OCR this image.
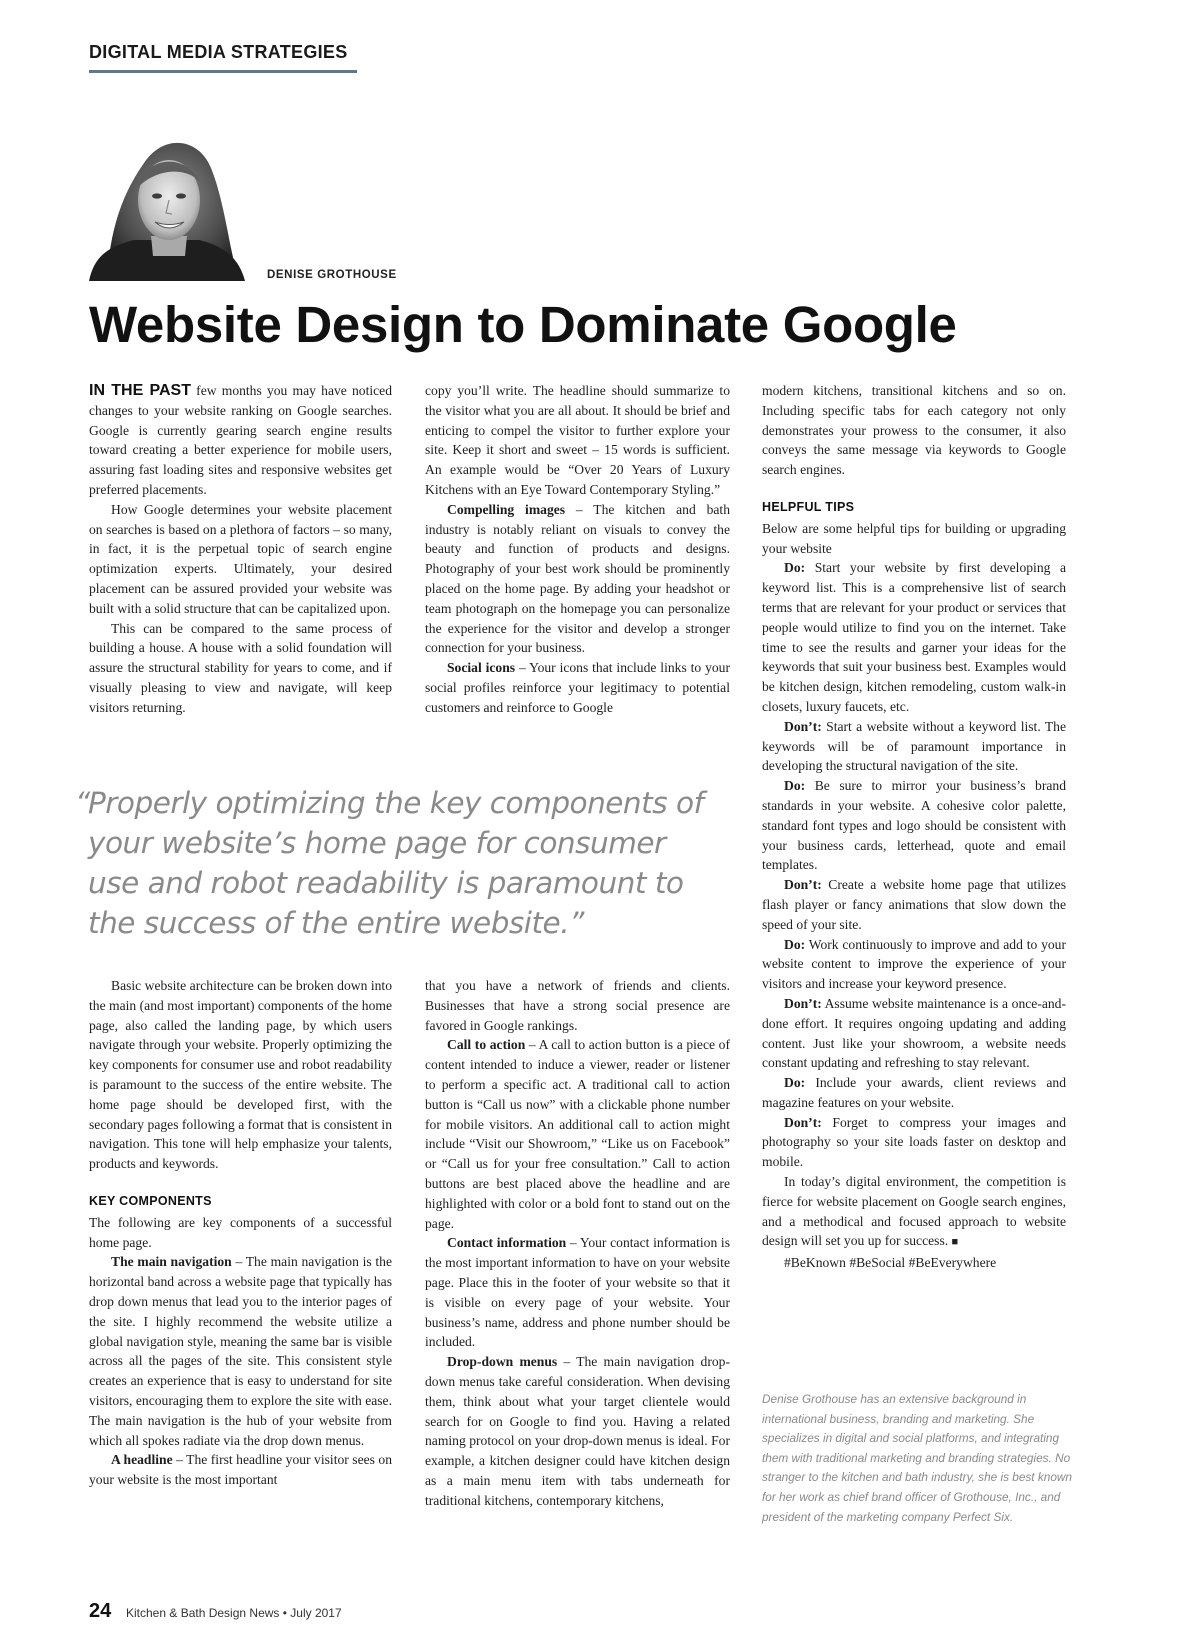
DIGITAL MEDIA STRATEGIES
DENISE GROTHOUSE
Website Design to Dominate Google

IN THE PAST few months you may have noticed changes to your website ranking on Google searches. Google is currently gearing search engine results toward creating a better experience for mobile users, assuring fast loading sites and responsive websites get preferred placements.

How Google determines your website placement on searches is based on a plethora of factors – so many, in fact, it is the perpetual topic of search engine optimization experts. Ultimately, your desired placement can be assured provided your website was built with a solid structure that can be capitalized upon.

This can be compared to the same process of building a house. A house with a solid foundation will assure the structural stability for years to come, and if visually pleasing to view and navigate, will keep visitors returning.

copy you’ll write. The headline should summarize to the visitor what you are all about. It should be brief and enticing to compel the visitor to further explore your site. Keep it short and sweet – 15 words is sufficient. An example would be “Over 20 Years of Luxury Kitchens with an Eye Toward Contemporary Styling.”

Compelling images – The kitchen and bath industry is notably reliant on visuals to convey the beauty and function of products and designs. Photography of your best work should be prominently placed on the home page. By adding your headshot or team photograph on the homepage you can personalize the experience for the visitor and develop a stronger connection for your business.

Social icons – Your icons that include links to your social profiles reinforce your legitimacy to potential customers and reinforce to Google

“
Properly optimizing the key components of your website’s home page for consumer use and robot readability is paramount to the success of the entire website.”

Basic website architecture can be broken down into the main (and most important) components of the home page, also called the landing page, by which users navigate through your website. Properly optimizing the key components for consumer use and robot readability is paramount to the success of the entire website. The home page should be developed first, with the secondary pages following a format that is consistent in navigation. This tone will help emphasize your talents, products and keywords.

KEY COMPONENTS

The following are key components of a successful home page.

The main navigation – The main navigation is the horizontal band across a website page that typically has drop down menus that lead you to the interior pages of the site. I highly recommend the website utilize a global navigation style, meaning the same bar is visible across all the pages of the site. This consistent style creates an experience that is easy to understand for site visitors, encouraging them to explore the site with ease. The main navigation is the hub of your website from which all spokes radiate via the drop down menus.

A headline – The first headline your visitor sees on your website is the most important

that you have a network of friends and clients. Businesses that have a strong social presence are favored in Google rankings.

Call to action – A call to action button is a piece of content intended to induce a viewer, reader or listener to perform a specific act. A traditional call to action button is “Call us now” with a clickable phone number for mobile visitors. An additional call to action might include “Visit our Showroom,” “Like us on Facebook” or “Call us for your free consultation.” Call to action buttons are best placed above the headline and are highlighted with color or a bold font to stand out on the page.

Contact information – Your contact information is the most important information to have on your website page. Place this in the footer of your website so that it is visible on every page of your website. Your business’s name, address and phone number should be included.

Drop-down menus – The main navigation drop-down menus take careful consideration. When devising them, think about what your target clientele would search for on Google to find you. Having a related naming protocol on your drop-down menus is ideal. For example, a kitchen designer could have kitchen design as a main menu item with tabs underneath for traditional kitchens, contemporary kitchens,

modern kitchens, transitional kitchens and so on. Including specific tabs for each category not only demonstrates your prowess to the consumer, it also conveys the same message via keywords to Google search engines.

HELPFUL TIPS

Below are some helpful tips for building or upgrading your website

Do: Start your website by first developing a keyword list. This is a comprehensive list of search terms that are relevant for your product or services that people would utilize to find you on the internet. Take time to see the results and garner your ideas for the keywords that suit your business best. Examples would be kitchen design, kitchen remodeling, custom walk-in closets, luxury faucets, etc.

Don’t: Start a website without a keyword list. The keywords will be of paramount importance in developing the structural navigation of the site.

Do: Be sure to mirror your business’s brand standards in your website. A cohesive color palette, standard font types and logo should be consistent with your business cards, letterhead, quote and email templates.

Don’t: Create a website home page that utilizes flash player or fancy animations that slow down the speed of your site.

Do: Work continuously to improve and add to your website content to improve the experience of your visitors and increase your keyword presence.

Don’t: Assume website maintenance is a once-and-done effort. It requires ongoing updating and adding content. Just like your showroom, a website needs constant updating and refreshing to stay relevant.

Do: Include your awards, client reviews and magazine features on your website.

Don’t: Forget to compress your images and photography so your site loads faster on desktop and mobile.

In today’s digital environment, the competition is fierce for website placement on Google search engines, and a methodical and focused approach to website design will set you up for success. ■

#BeKnown #BeSocial #BeEverywhere

Denise Grothouse has an extensive background in international business, branding and marketing. She specializes in digital and social platforms, and integrating them with traditional marketing and branding strategies. No stranger to the kitchen and bath industry, she is best known for her work as chief brand officer of Grothouse, Inc., and president of the marketing company Perfect Six.
24 Kitchen & Bath Design News • July 2017
